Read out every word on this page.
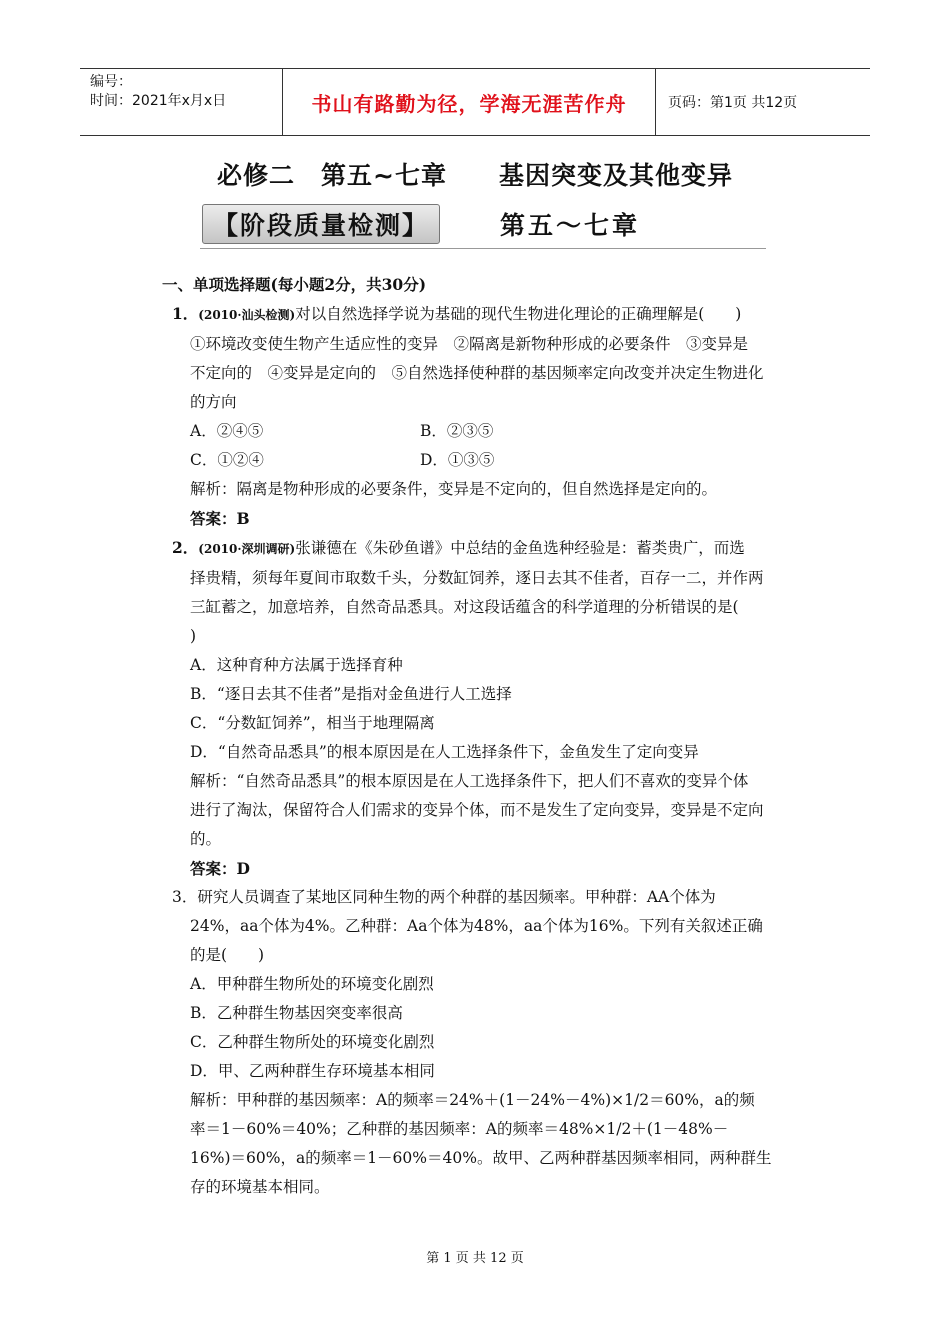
编号：
时间：2021年x月x日	书山有路勤为径，学海无涯苦作舟	页码：第1页 共12页
必修二　第五~七章　　基因突变及其他变异
【阶段质量检测】	第五～七章
一、单项选择题(每小题2分，共30分)
1．(2010·汕头检测)对以自然选择学说为基础的现代生物进化理论的正确理解是(　　)
①环境改变使生物产生适应性的变异　②隔离是新物种形成的必要条件　③变异是
不定向的　④变异是定向的　⑤自然选择使种群的基因频率定向改变并决定生物进化
的方向
A．②④⑤	B．②③⑤
C．①②④	D．①③⑤
解析：隔离是物种形成的必要条件，变异是不定向的，但自然选择是定向的。
答案：B
2．(2010·深圳调研)张谦德在《朱砂鱼谱》中总结的金鱼选种经验是：蓄类贵广，而选
择贵精，须每年夏间市取数千头，分数缸饲养，逐日去其不佳者，百存一二，并作两
三缸蓄之，加意培养，自然奇品悉具。对这段话蕴含的科学道理的分析错误的是(
)
A．这种育种方法属于选择育种
B．“逐日去其不佳者”是指对金鱼进行人工选择
C．“分数缸饲养”，相当于地理隔离
D．“自然奇品悉具”的根本原因是在人工选择条件下，金鱼发生了定向变异
解析：“自然奇品悉具”的根本原因是在人工选择条件下，把人们不喜欢的变异个体
进行了淘汰，保留符合人们需求的变异个体，而不是发生了定向变异，变异是不定向
的。
答案：D
3．研究人员调查了某地区同种生物的两个种群的基因频率。甲种群：AA个体为
24%，aa个体为4%。乙种群：Aa个体为48%，aa个体为16%。下列有关叙述正确
的是(　　)
A．甲种群生物所处的环境变化剧烈
B．乙种群生物基因突变率很高
C．乙种群生物所处的环境变化剧烈
D．甲、乙两种群生存环境基本相同
解析：甲种群的基因频率：A的频率＝24%＋(1－24%－4%)×1/2＝60%，a的频
率＝1－60%＝40%；乙种群的基因频率：A的频率＝48%×1/2＋(1－48%－
16%)＝60%，a的频率＝1－60%＝40%。故甲、乙两种群基因频率相同，两种群生
存的环境基本相同。
第 1 页 共 12 页
